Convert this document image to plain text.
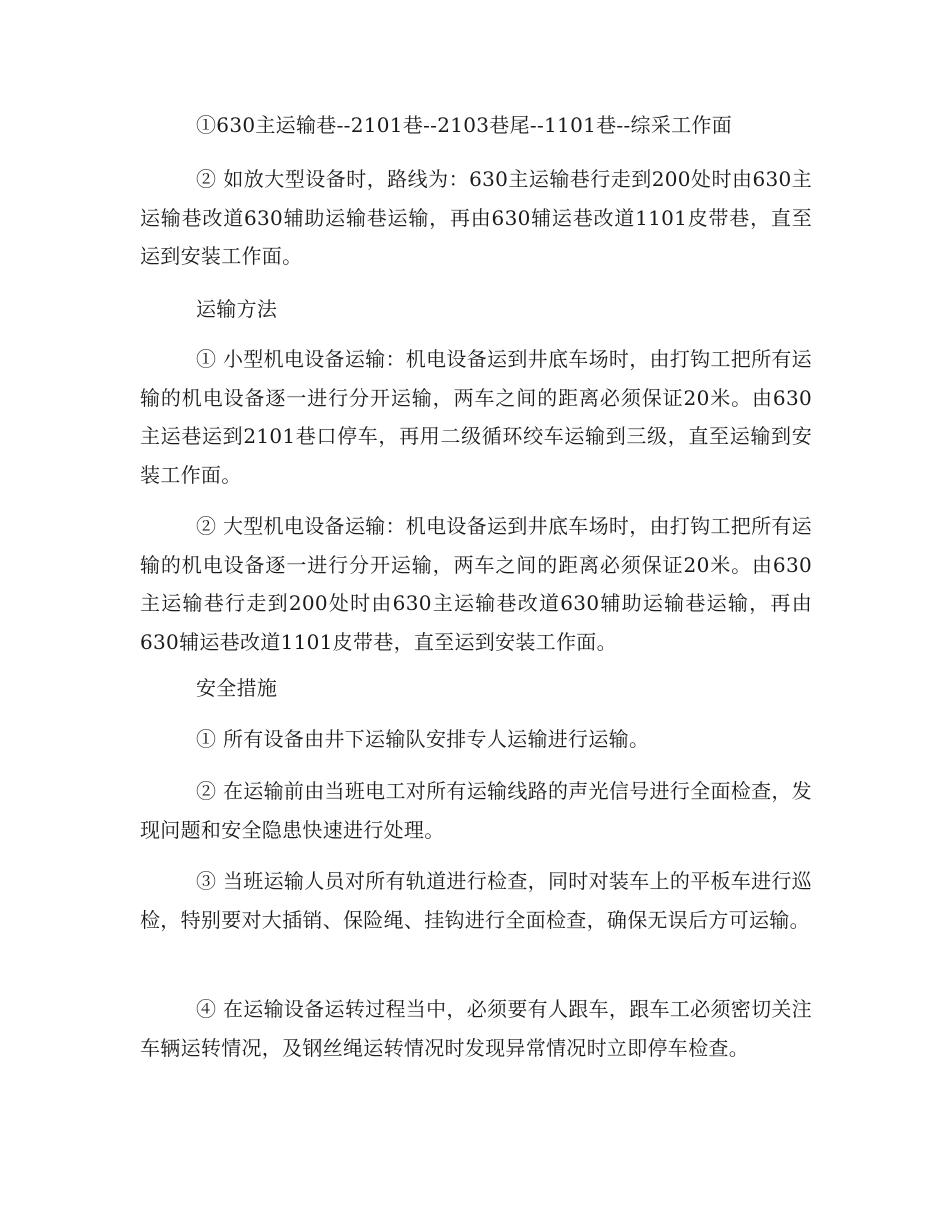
①630主运输巷--2101巷--2103巷尾--1101巷--综采工作面

② 如放大型设备时，路线为：630主运输巷行走到200处时由630主运输巷改道630辅助运输巷运输，再由630辅运巷改道1101皮带巷，直至运到安装工作面。

运输方法

① 小型机电设备运输：机电设备运到井底车场时，由打钩工把所有运输的机电设备逐一进行分开运输，两车之间的距离必须保证20米。由630主运巷运到2101巷口停车，再用二级循环绞车运输到三级，直至运输到安装工作面。

② 大型机电设备运输：机电设备运到井底车场时，由打钩工把所有运输的机电设备逐一进行分开运输，两车之间的距离必须保证20米。由630主运输巷行走到200处时由630主运输巷改道630辅助运输巷运输，再由630辅运巷改道1101皮带巷，直至运到安装工作面。

安全措施

① 所有设备由井下运输队安排专人运输进行运输。

② 在运输前由当班电工对所有运输线路的声光信号进行全面检查，发现问题和安全隐患快速进行处理。

③ 当班运输人员对所有轨道进行检查，同时对装车上的平板车进行巡检，特别要对大插销、保险绳、挂钩进行全面检查，确保无误后方可运输。

④ 在运输设备运转过程当中，必须要有人跟车，跟车工必须密切关注车辆运转情况，及钢丝绳运转情况时发现异常情况时立即停车检查。
